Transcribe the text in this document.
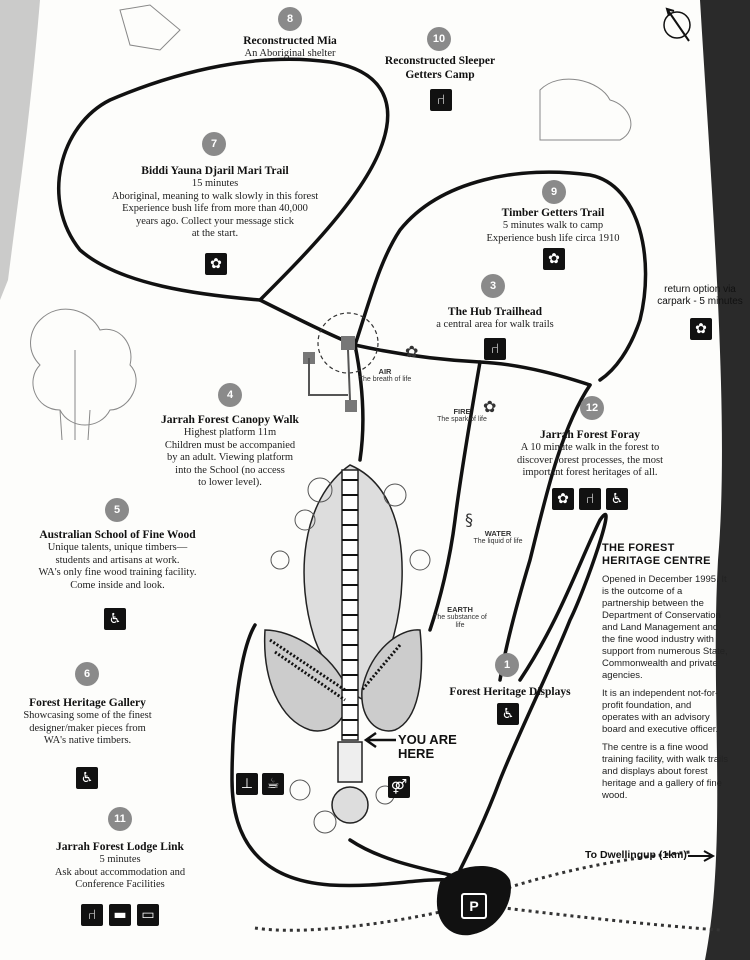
✿
✿
§
8
Reconstructed Mia
An Aboriginal shelter
10
Reconstructed Sleeper Getters Camp
⑁
7
Biddi Yauna Djaril Mari Trail
15 minutes
Aboriginal, meaning to walk slowly in this forest
Experience bush life from more than 40,000
years ago. Collect your message stick
at the start.
✿
9
Timber Getters Trail
5 minutes walk to camp
Experience bush life circa 1910
✿
return option via carpark - 5 minutes
✿
3
The Hub Trailhead
a central area for walk trails
⑁
4
Jarrah Forest Canopy Walk
Highest platform 11m
Children must be accompanied
by an adult. Viewing platform
into the School (no access
to lower level).
12
Jarrah Forest Foray
A 10 minute walk in the forest to
discover forest processes, the most
important forest heritages of all.
✿	⑁	♿
5
Australian School of Fine Wood
Unique talents, unique timbers—
students and artisans at work.
WA's only fine wood training facility.
Come inside and look.
♿
1
Forest Heritage Displays
♿
6
Forest Heritage Gallery
Showcasing some of the finest
designer/maker pieces from
WA's native timbers.
♿	⊥ ☕	⚤
11
Jarrah Forest Lodge Link
5 minutes
Ask about accommodation and
Conference Facilities
⑁	▬	▭
AIR
The breath of life
FIRE
The spark of life
WATER
The liquid of life
EARTH
The substance of life
YOU ARE
HERE
THE FOREST
HERITAGE CENTRE

Opened in December 1995. It is the outcome of a partnership between the Department of Conservation and Land Management and the fine wood industry with support from numerous State, Commonwealth and private agencies.

It is an independent not-for-profit foundation, and operates with an advisory board and executive officer.

The centre is a fine wood training facility, with walk trails and displays about forest heritage and a gallery of fine wood.

To Dwellingup (1km)
P
